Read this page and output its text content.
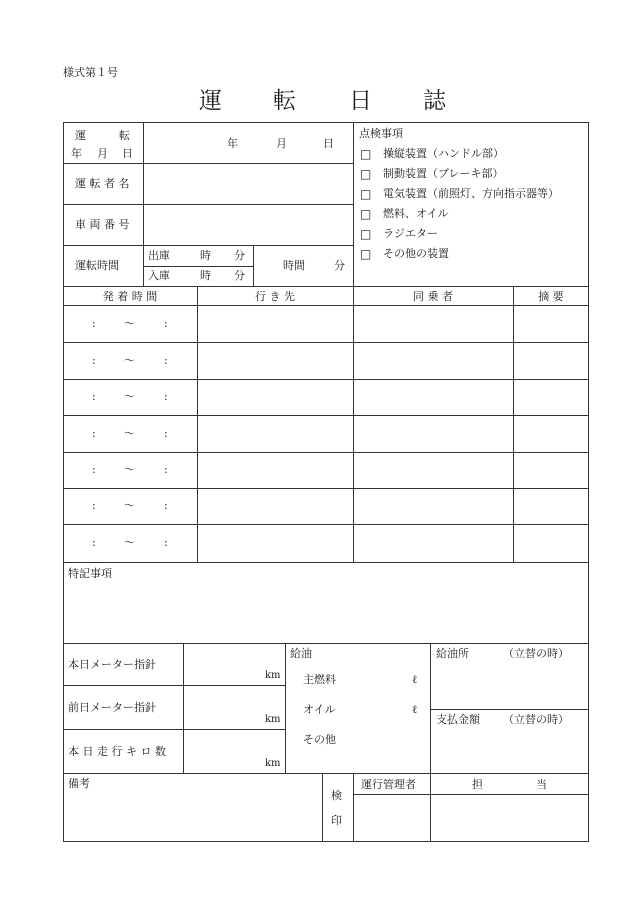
様式第１号
運 転 日 誌
運	転
年 月 日
年	月	日
運 転 者 名
車 両 番 号
運転時間
出庫	時 分
入庫	時 分
時間	分
点検事項
□ 操縦装置（ハンドル部）
□ 制動装置（ブレーキ部）
□ 電気装置（前照灯、方向指示器等）
□ 燃料、オイル
□ ラジエター
□ その他の装置
発 着 時 間	行 き 先	同 乗 者	摘 要
:	〜	:
:	〜	:
:	〜	:
:	〜	:
:	〜	:
:	〜	:
:	〜	:
特記事項
本日メーター指針
km
前日メーター指針
km
本 日 走 行 キ ロ 数
km
給油
主燃料	ℓ
オイル	ℓ
その他
給油所	（立替の時）
支払金額 （立替の時）
備考
検
印
運行管理者	担	当
